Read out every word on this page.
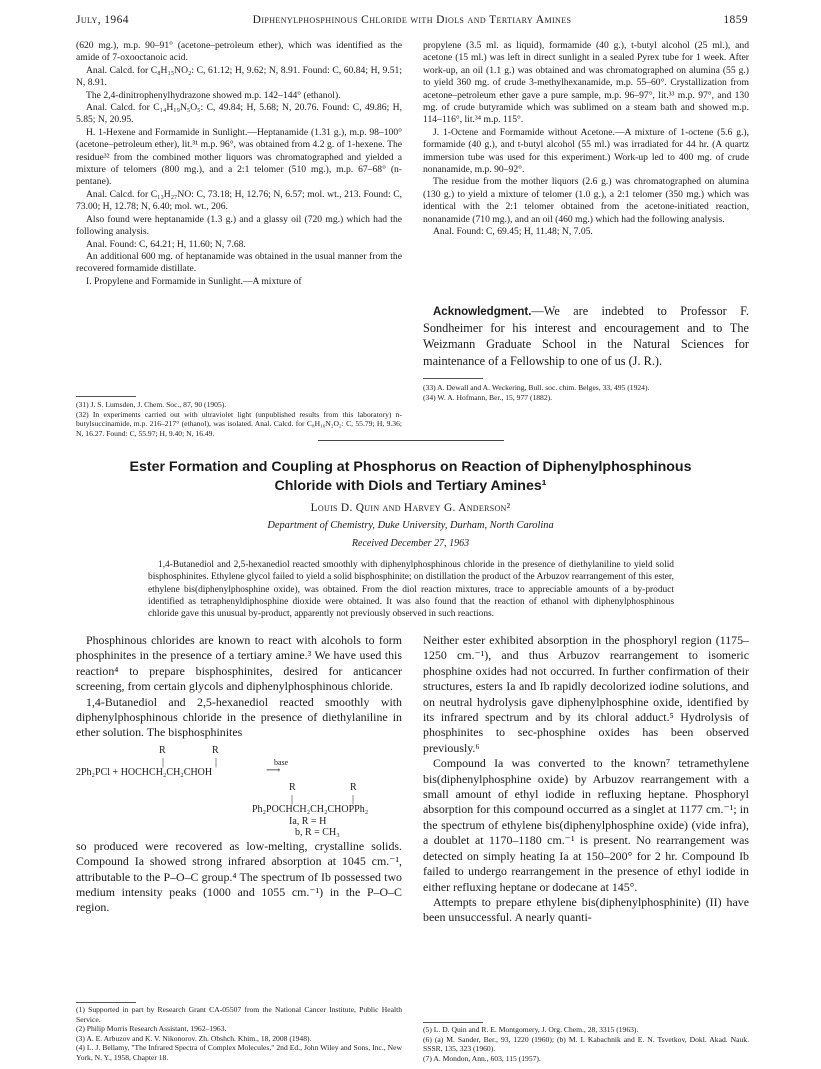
July, 1964	Diphenylphosphinous Chloride with Diols and Tertiary Amines	1859

(620 mg.), m.p. 90–91° (acetone–petroleum ether), which was identified as the amide of 7-oxooctanoic acid.

Anal. Calcd. for C₈H₁₅NO₂: C, 61.12; H, 9.62; N, 8.91. Found: C, 60.84; H, 9.51; N, 8.91.

The 2,4-dinitrophenylhydrazone showed m.p. 142–144° (ethanol).

Anal. Calcd. for C₁₄H₁₉N₅O₅: C, 49.84; H, 5.68; N, 20.76. Found: C, 49.86; H, 5.85; N, 20.95.

H. 1-Hexene and Formamide in Sunlight.—Heptanamide (1.31 g.), m.p. 98–100° (acetone–petroleum ether), lit.³¹ m.p. 96°, was obtained from 4.2 g. of 1-hexene. The residue³² from the combined mother liquors was chromatographed and yielded a mixture of telomers (800 mg.), and a 2:1 telomer (510 mg.), m.p. 67–68° (n-pentane).

Anal. Calcd. for C₁₃H₂₇NO: C, 73.18; H, 12.76; N, 6.57; mol. wt., 213. Found: C, 73.00; H, 12.78; N, 6.40; mol. wt., 206.

Also found were heptanamide (1.3 g.) and a glassy oil (720 mg.) which had the following analysis.

Anal. Found: C, 64.21; H, 11.60; N, 7.68.

An additional 600 mg. of heptanamide was obtained in the usual manner from the recovered formamide distillate.

I. Propylene and Formamide in Sunlight.—A mixture of

(31) J. S. Lumsden, J. Chem. Soc., 87, 90 (1905).

(32) In experiments carried out with ultraviolet light (unpublished results from this laboratory) n-butylsuccinamide, m.p. 216–217° (ethanol), was isolated. Anal. Calcd. for C₈H₁₆N₂O₂: C, 55.79; H, 9.36; N, 16.27. Found: C, 55.97; H, 9.40; N, 16.49.

propylene (3.5 ml. as liquid), formamide (40 g.), t-butyl alcohol (25 ml.), and acetone (15 ml.) was left in direct sunlight in a sealed Pyrex tube for 1 week. After work-up, an oil (1.1 g.) was obtained and was chromatographed on alumina (55 g.) to yield 360 mg. of crude 3-methylhexanamide, m.p. 55–60°. Crystallization from acetone–petroleum ether gave a pure sample, m.p. 96–97°, lit.³³ m.p. 97°, and 130 mg. of crude butyramide which was sublimed on a steam bath and showed m.p. 114–116°, lit.³⁴ m.p. 115°.

J. 1-Octene and Formamide without Acetone.—A mixture of 1-octene (5.6 g.), formamide (40 g.), and t-butyl alcohol (55 ml.) was irradiated for 44 hr. (A quartz immersion tube was used for this experiment.) Work-up led to 400 mg. of crude nonanamide, m.p. 90–92°.

The residue from the mother liquors (2.6 g.) was chromatographed on alumina (130 g.) to yield a mixture of telomer (1.0 g.), a 2:1 telomer (350 mg.) which was identical with the 2:1 telomer obtained from the acetone-initiated reaction, nonanamide (710 mg.), and an oil (460 mg.) which had the following analysis.

Anal. Found: C, 69.45; H, 11.48; N, 7.05.

Acknowledgment.—We are indebted to Professor F. Sondheimer for his interest and encouragement and to The Weizmann Graduate School in the Natural Sciences for maintenance of a Fellowship to one of us (J. R.).

(33) A. Dewall and A. Weckering, Bull. soc. chim. Belges, 33, 495 (1924).

(34) W. A. Hofmann, Ber., 15, 977 (1882).

Ester Formation and Coupling at Phosphorus on Reaction of Diphenylphosphinous
Chloride with Diols and Tertiary Amines¹
Louis D. Quin and Harvey G. Anderson²
Department of Chemistry, Duke University, Durham, North Carolina
Received December 27, 1963
1,4-Butanediol and 2,5-hexanediol reacted smoothly with diphenylphosphinous chloride in the presence of diethylaniline to yield solid bisphosphinites. Ethylene glycol failed to yield a solid bisphosphinite; on distillation the product of the Arbuzov rearrangement of this ester, ethylene bis(diphenylphosphine oxide), was obtained. From the diol reaction mixtures, trace to appreciable amounts of a by-product identified as tetraphenyldiphosphine dioxide were obtained. It was also found that the reaction of ethanol with diphenylphosphinous chloride gave this unusual by-product, apparently not previously observed in such reactions.

Phosphinous chlorides are known to react with alcohols to form phosphinites in the presence of a tertiary amine.³ We have used this reaction⁴ to prepare bisphosphinites, desired for anticancer screening, from certain glycols and diphenylphosphinous chloride.

1,4-Butanediol and 2,5-hexanediol reacted smoothly with diphenylphosphinous chloride in the presence of diethylaniline in ether solution. The bisphosphinites

R	R
|	|
2Ph₂PCl + HOCHCH₂CH₂CHOH
base
⟶
R	R
|	|
Ph₂POCHCH₂CH₂CHOPPh₂
Ia, R = H
b, R = CH₃

so produced were recovered as low-melting, crystalline solids. Compound Ia showed strong infrared absorption at 1045 cm.⁻¹, attributable to the P–O–C group.⁴ The spectrum of Ib possessed two medium intensity peaks (1000 and 1055 cm.⁻¹) in the P–O–C region.

(1) Supported in part by Research Grant CA-05507 from the National Cancer Institute, Public Health Service.

(2) Philip Morris Research Assistant, 1962–1963.

(3) A. E. Arbuzov and K. V. Nikonorov. Zh. Obshch. Khim., 18, 2008 (1948).

(4) L. J. Bellamy, "The Infrared Spectra of Complex Molecules," 2nd Ed., John Wiley and Sons, Inc., New York, N. Y., 1958, Chapter 18.

Neither ester exhibited absorption in the phosphoryl region (1175–1250 cm.⁻¹), and thus Arbuzov rearrangement to isomeric phosphine oxides had not occurred. In further confirmation of their structures, esters Ia and Ib rapidly decolorized iodine solutions, and on neutral hydrolysis gave diphenylphosphine oxide, identified by its infrared spectrum and by its chloral adduct.⁵ Hydrolysis of phosphinites to sec-phosphine oxides has been observed previously.⁶

Compound Ia was converted to the known⁷ tetramethylene bis(diphenylphosphine oxide) by Arbuzov rearrangement with a small amount of ethyl iodide in refluxing heptane. Phosphoryl absorption for this compound occurred as a singlet at 1177 cm.⁻¹; in the spectrum of ethylene bis(diphenylphosphine oxide) (vide infra), a doublet at 1170–1180 cm.⁻¹ is present. No rearrangement was detected on simply heating Ia at 150–200° for 2 hr. Compound Ib failed to undergo rearrangement in the presence of ethyl iodide in either refluxing heptane or dodecane at 145°.

Attempts to prepare ethylene bis(diphenylphosphinite) (II) have been unsuccessful. A nearly quanti-

(5) L. D. Quin and R. E. Montgomery, J. Org. Chem., 28, 3315 (1963).

(6) (a) M. Sander, Ber., 93, 1220 (1960); (b) M. I. Kabachnik and E. N. Tsvetkov, Dokl. Akad. Nauk. SSSR, 135, 323 (1960).

(7) A. Mondon, Ann., 603, 115 (1957).
